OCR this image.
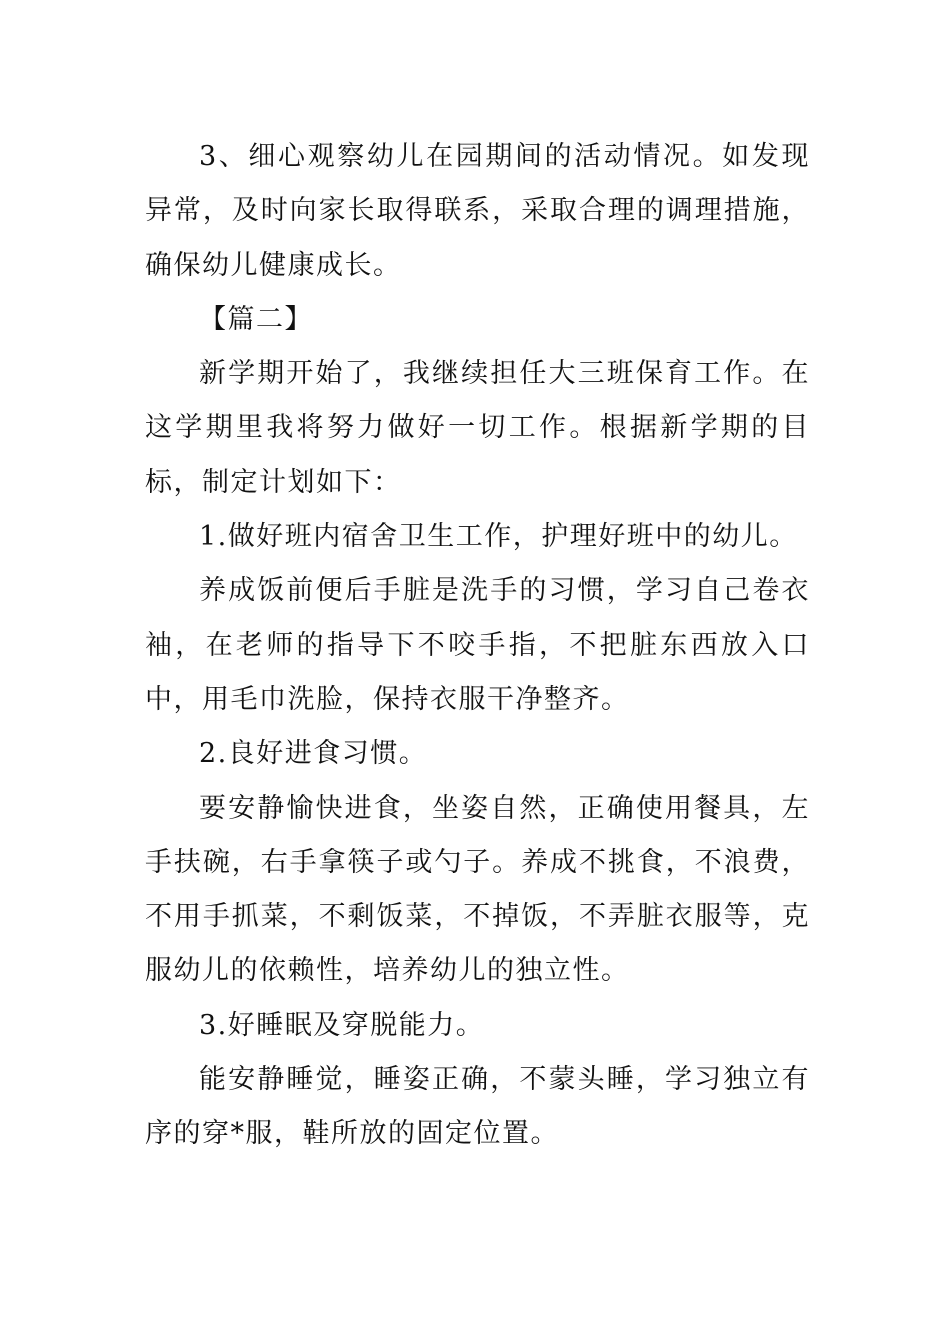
3、细心观察幼儿在园期间的活动情况。如发现异常，及时向家长取得联系，采取合理的调理措施，确保幼儿健康成长。

【篇二】

新学期开始了，我继续担任大三班保育工作。在这学期里我将努力做好一切工作。根据新学期的目标，制定计划如下：

1.做好班内宿舍卫生工作，护理好班中的幼儿。

养成饭前便后手脏是洗手的习惯，学习自己卷衣袖，在老师的指导下不咬手指，不把脏东西放入口中，用毛巾洗脸，保持衣服干净整齐。

2.良好进食习惯。

要安静愉快进食，坐姿自然，正确使用餐具，左手扶碗，右手拿筷子或勺子。养成不挑食，不浪费，不用手抓菜，不剩饭菜，不掉饭，不弄脏衣服等，克服幼儿的依赖性，培养幼儿的独立性。

3.好睡眠及穿脱能力。

能安静睡觉，睡姿正确，不蒙头睡，学习独立有序的穿*服，鞋所放的固定位置。
